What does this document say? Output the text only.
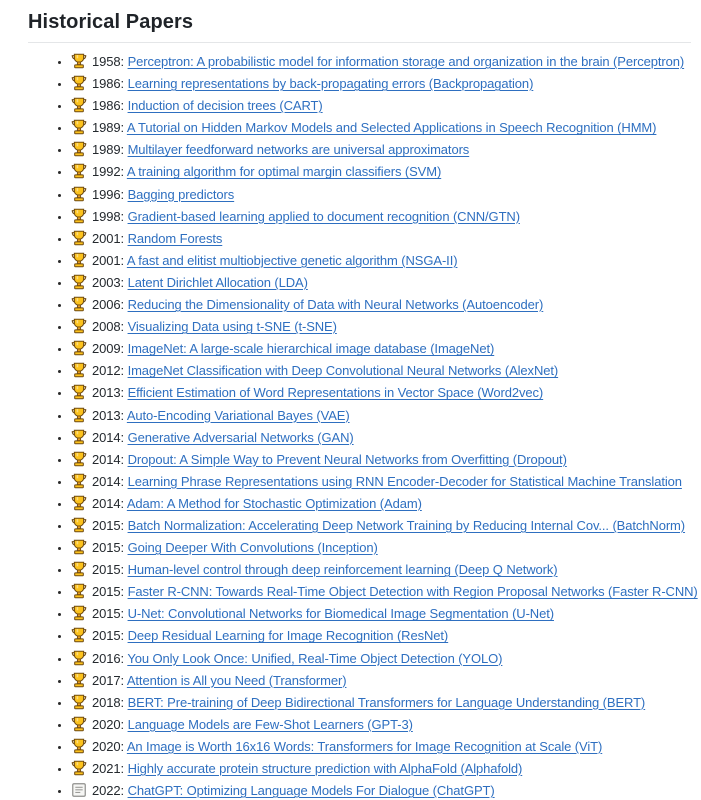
Historical Papers
• 1958 : Perceptron: A probabilistic model for information storage and organization in the brain (Perceptron)
• 1986 : Learning representations by back-propagating errors (Backpropagation)
• 1986 : Induction of decision trees (CART)
• 1989 : A Tutorial on Hidden Markov Models and Selected Applications in Speech Recognition (HMM)
• 1989 : Multilayer feedforward networks are universal approximators
• 1992 : A training algorithm for optimal margin classifiers (SVM)
• 1996 : Bagging predictors
• 1998 : Gradient-based learning applied to document recognition (CNN/GTN)
• 2001 : Random Forests
• 2001 : A fast and elitist multiobjective genetic algorithm (NSGA-II)
• 2003 : Latent Dirichlet Allocation (LDA)
• 2006 : Reducing the Dimensionality of Data with Neural Networks (Autoencoder)
• 2008 : Visualizing Data using t-SNE (t-SNE)
• 2009 : ImageNet: A large-scale hierarchical image database (ImageNet)
• 2012 : ImageNet Classification with Deep Convolutional Neural Networks (AlexNet)
• 2013 : Efficient Estimation of Word Representations in Vector Space (Word2vec)
• 2013 : Auto-Encoding Variational Bayes (VAE)
• 2014 : Generative Adversarial Networks (GAN)
• 2014 : Dropout: A Simple Way to Prevent Neural Networks from Overfitting (Dropout)
• 2014 : Learning Phrase Representations using RNN Encoder-Decoder for Statistical Machine Translation
• 2014 : Adam: A Method for Stochastic Optimization (Adam)
• 2015 : Batch Normalization: Accelerating Deep Network Training by Reducing Internal Cov... (BatchNorm)
• 2015 : Going Deeper With Convolutions (Inception)
• 2015 : Human-level control through deep reinforcement learning (Deep Q Network)
• 2015 : Faster R-CNN: Towards Real-Time Object Detection with Region Proposal Networks (Faster R-CNN)
• 2015 : U-Net: Convolutional Networks for Biomedical Image Segmentation (U-Net)
• 2015 : Deep Residual Learning for Image Recognition (ResNet)
• 2016 : You Only Look Once: Unified, Real-Time Object Detection (YOLO)
• 2017 : Attention is All you Need (Transformer)
• 2018 : BERT: Pre-training of Deep Bidirectional Transformers for Language Understanding (BERT)
• 2020 : Language Models are Few-Shot Learners (GPT-3)
• 2020 : An Image is Worth 16x16 Words: Transformers for Image Recognition at Scale (ViT)
• 2021 : Highly accurate protein structure prediction with AlphaFold (Alphafold)
• 2022 : ChatGPT: Optimizing Language Models For Dialogue (ChatGPT)
